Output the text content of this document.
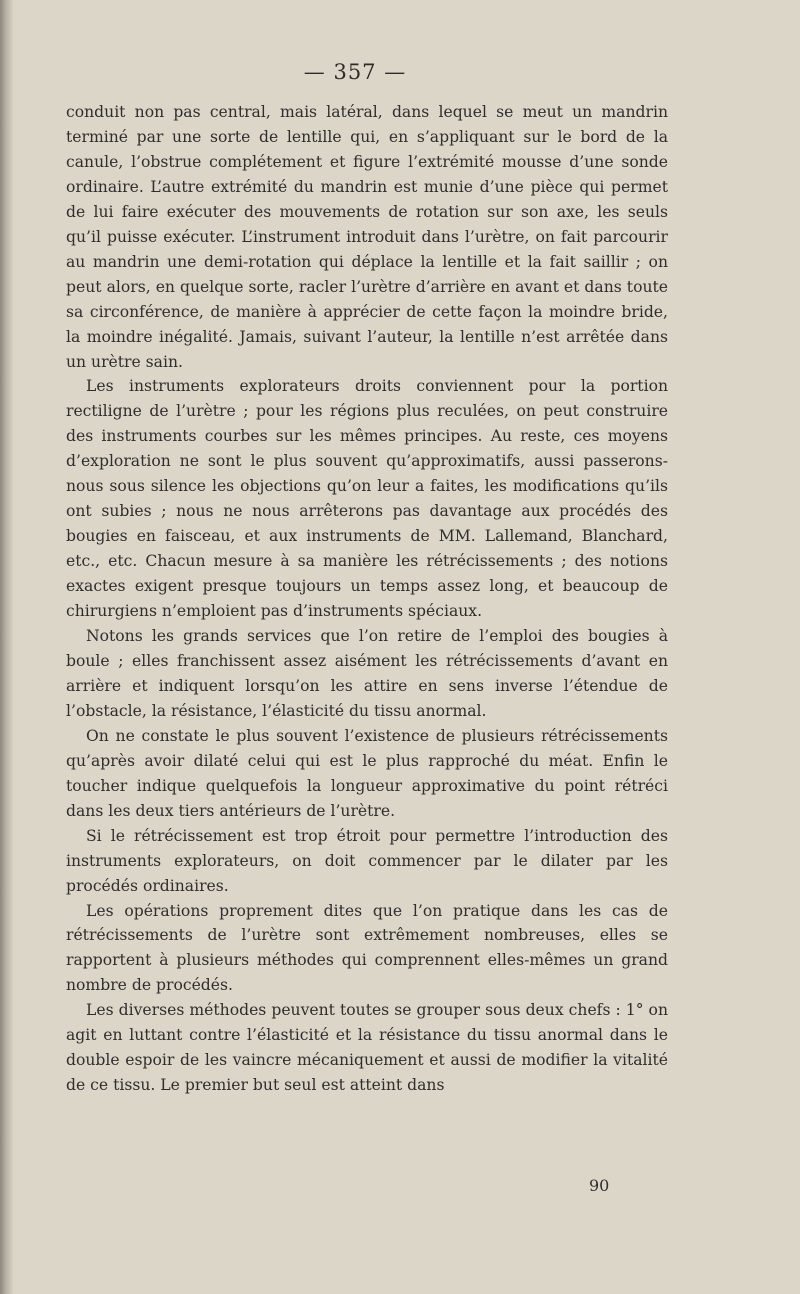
— 357 —

conduit non pas central, mais latéral, dans lequel se meut un mandrin terminé par une sorte de lentille qui, en s’appliquant sur le bord de la canule, l’obstrue complétement et figure l’extrémité mousse d’une sonde ordinaire. L’autre extrémité du mandrin est munie d’une pièce qui permet de lui faire exécuter des mouvements de rotation sur son axe, les seuls qu’il puisse exécuter. L’instrument introduit dans l’urètre, on fait parcourir au mandrin une demi-rotation qui déplace la lentille et la fait saillir ; on peut alors, en quelque sorte, racler l’urètre d’arrière en avant et dans toute sa circonférence, de manière à apprécier de cette façon la moindre bride, la moindre inégalité. Jamais, suivant l’auteur, la lentille n’est arrêtée dans un urètre sain.

Les instruments explorateurs droits conviennent pour la portion rectiligne de l’urètre ; pour les régions plus reculées, on peut construire des instruments courbes sur les mêmes principes. Au reste, ces moyens d’exploration ne sont le plus souvent qu’approximatifs, aussi passerons-nous sous silence les objections qu’on leur a faites, les modifications qu’ils ont subies ; nous ne nous arrêterons pas davantage aux procédés des bougies en faisceau, et aux instruments de MM. Lallemand, Blanchard, etc., etc. Chacun mesure à sa manière les rétrécissements ; des notions exactes exigent presque toujours un temps assez long, et beaucoup de chirurgiens n’emploient pas d’instruments spéciaux.

Notons les grands services que l’on retire de l’emploi des bougies à boule ; elles franchissent assez aisément les rétrécissements d’avant en arrière et indiquent lorsqu’on les attire en sens inverse l’étendue de l’obstacle, la résistance, l’élasticité du tissu anormal.

On ne constate le plus souvent l’existence de plusieurs rétrécissements qu’après avoir dilaté celui qui est le plus rapproché du méat. Enfin le toucher indique quelquefois la longueur approximative du point rétréci dans les deux tiers antérieurs de l’urètre.

Si le rétrécissement est trop étroit pour permettre l’introduction des instruments explorateurs, on doit commencer par le dilater par les procédés ordinaires.

Les opérations proprement dites que l’on pratique dans les cas de rétrécissements de l’urètre sont extrêmement nombreuses, elles se rapportent à plusieurs méthodes qui comprennent elles-mêmes un grand nombre de procédés.

Les diverses méthodes peuvent toutes se grouper sous deux chefs : 1° on agit en luttant contre l’élasticité et la résistance du tissu anormal dans le double espoir de les vaincre mécaniquement et aussi de modifier la vitalité de ce tissu. Le premier but seul est atteint dans

90
